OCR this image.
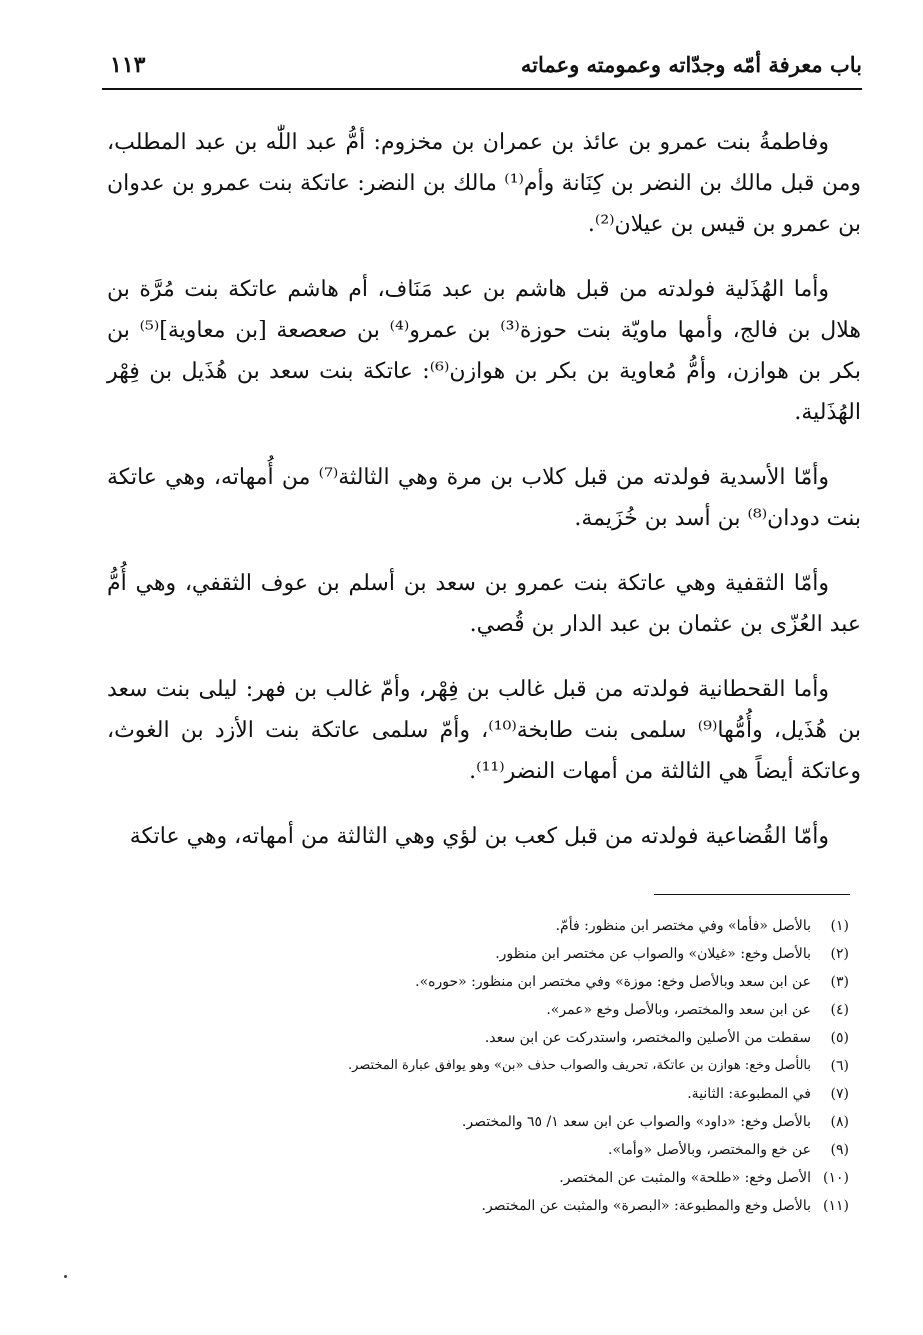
باب معرفة أمّه وجدّاته وعمومته وعماته
١١٣

وفاطمةُ بنت عمرو بن عائذ بن عمران بن مخزوم: أمُّ عبد اللّٰه بن عبد المطلب، ومن قبل مالك بن النضر بن كِنَانة وأم⁽¹⁾ مالك بن النضر: عاتكة بنت عمرو بن عدوان بن عمرو بن قيس بن عيلان⁽²⁾.

وأما الهُذَلية فولدته من قبل هاشم بن عبد مَنَاف، أم هاشم عاتكة بنت مُرَّة بن هلال بن فالج، وأمها ماويّة بنت حوزة⁽³⁾ بن عمرو⁽⁴⁾ بن صعصعة [بن معاوية]⁽⁵⁾ بن بكر بن هوازن، وأمُّ مُعاوية بن بكر بن هوازن⁽⁶⁾: عاتكة بنت سعد بن هُذَيل بن فِهْر الهُذَلية.

وأمّا الأسدية فولدته من قبل كلاب بن مرة وهي الثالثة⁽⁷⁾ من أُمهاته، وهي عاتكة بنت دودان⁽⁸⁾ بن أسد بن خُزَيمة.

وأمّا الثقفية وهي عاتكة بنت عمرو بن سعد بن أسلم بن عوف الثقفي، وهي أُمُّ عبد العُزّى بن عثمان بن عبد الدار بن قُصي.

وأما القحطانية فولدته من قبل غالب بن فِهْر، وأمّ غالب بن فهر: ليلى بنت سعد بن هُذَيل، وأُمُّها⁽⁹⁾ سلمى بنت طابخة⁽¹⁰⁾، وأمّ سلمى عاتكة بنت الأزد بن الغوث، وعاتكة أيضاً هي الثالثة من أمهات النضر⁽¹¹⁾.

وأمّا القُضاعية فولدته من قبل كعب بن لؤي وهي الثالثة من أمهاته، وهي عاتكة

(١)
بالأصل «فأما» وفي مختصر ابن منظور: فأمّ.
(٢)
بالأصل وخع: «غيلان» والصواب عن مختصر ابن منظور.
(٣)
عن ابن سعد وبالأصل وخع: موزة» وفي مختصر ابن منظور: «حوره».
(٤)
عن ابن سعد والمختصر، وبالأصل وخع «عمر».
(٥)
سقطت من الأصلين والمختصر، واستدركت عن ابن سعد.
(٦)
بالأصل وخع: هوازن بن عاتكة، تحريف والصواب حذف «بن» وهو يوافق عبارة المختصر.
(٧)
في المطبوعة: الثانية.
(٨)
بالأصل وخع: «داود» والصواب عن ابن سعد ١/ ٦٥ والمختصر.
(٩)
عن خع والمختصر، وبالأصل «وأما».
(١٠)
الأصل وخع: «طلحة» والمثبت عن المختصر.
(١١)
بالأصل وخع والمطبوعة: «البصرة» والمثبت عن المختصر.
